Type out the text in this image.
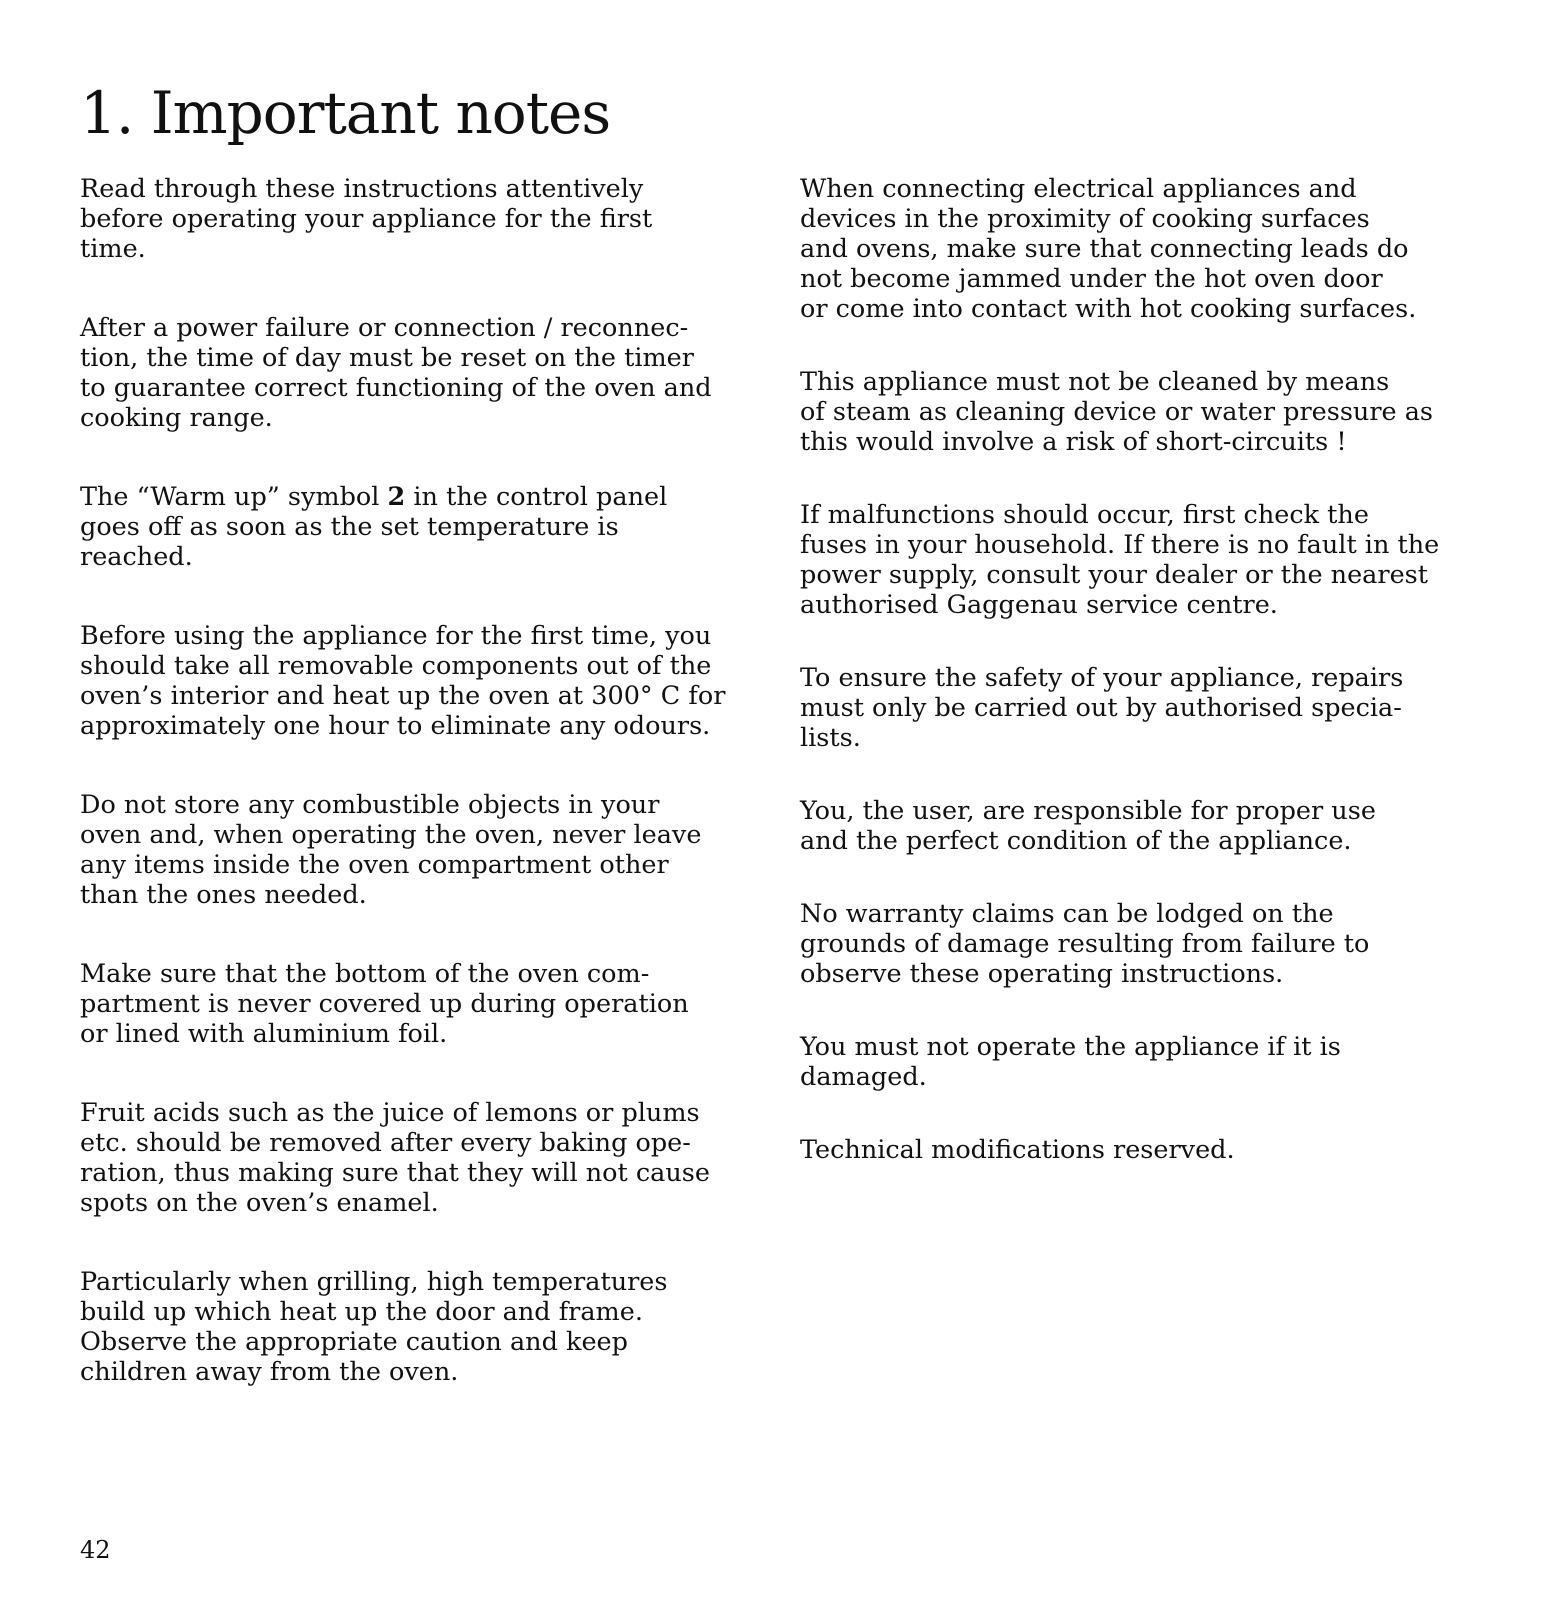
1. Important notes

Read through these instructions attentively
before operating your appliance for the first
time.

After a power failure or connection / reconnec-
tion, the time of day must be reset on the timer
to guarantee correct functioning of the oven and
cooking range.

The “Warm up” symbol 2 in the control panel
goes off as soon as the set temperature is
reached.

Before using the appliance for the first time, you
should take all removable components out of the
oven’s interior and heat up the oven at 300° C for
approximately one hour to eliminate any odours.

Do not store any combustible objects in your
oven and, when operating the oven, never leave
any items inside the oven compartment other
than the ones needed.

Make sure that the bottom of the oven com-
partment is never covered up during operation
or lined with aluminium foil.

Fruit acids such as the juice of lemons or plums
etc. should be removed after every baking ope-
ration, thus making sure that they will not cause
spots on the oven’s enamel.

Particularly when grilling, high temperatures
build up which heat up the door and frame.
Observe the appropriate caution and keep
children away from the oven.

When connecting electrical appliances and
devices in the proximity of cooking surfaces
and ovens, make sure that connecting leads do
not become jammed under the hot oven door
or come into contact with hot cooking surfaces.

This appliance must not be cleaned by means
of steam as cleaning device or water pressure as
this would involve a risk of short-circuits !

If malfunctions should occur, first check the
fuses in your household. If there is no fault in the
power supply, consult your dealer or the nearest
authorised Gaggenau service centre.

To ensure the safety of your appliance, repairs
must only be carried out by authorised specia-
lists.

You, the user, are responsible for proper use
and the perfect condition of the appliance.

No warranty claims can be lodged on the
grounds of damage resulting from failure to
observe these operating instructions.

You must not operate the appliance if it is
damaged.

Technical modifications reserved.

42
